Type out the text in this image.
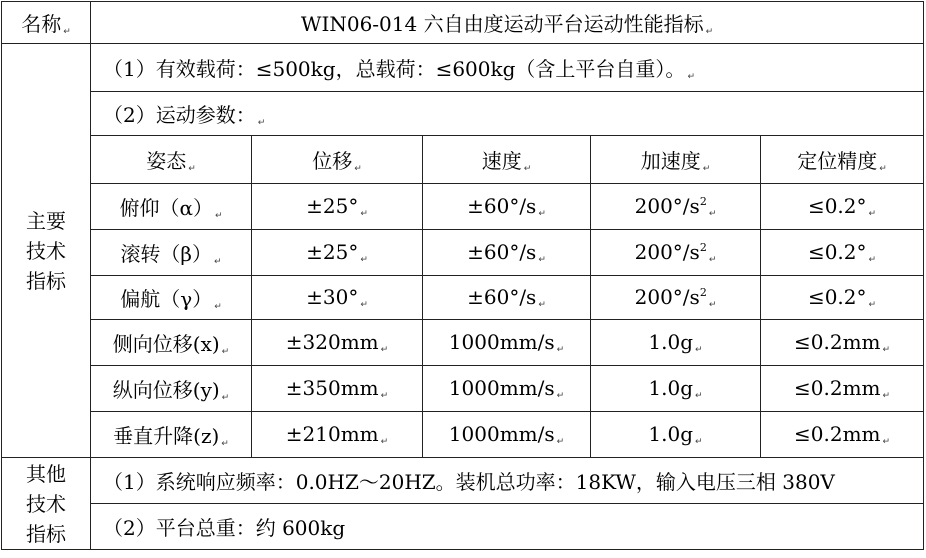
名称 ↵	WIN06-014 六自由度运动平台运动性能指标 ↵				

主要
技术
指标	（1）有效载荷：≤500kg，总载荷：≤600kg（含上平台自重）。 ↵				
	（2）运动参数： ↵				
	姿态 ↵	位移 ↵	速度 ↵	加速度 ↵	定位精度 ↵
	俯仰（α） ↵	±25° ↵	±60°/s ↵	$200^\circ/s^2↵$	≤0.2° ↵
	滚转（β） ↵	±25° ↵	±60°/s ↵	$200^\circ/s^2↵$	≤0.2° ↵
	偏航（γ） ↵	±30° ↵	±60°/s ↵	$200^\circ/s^2↵$	≤0.2° ↵
	侧向位移(x) ↵	±320mm ↵	1000mm/s ↵	1.0g ↵	≤0.2mm ↵
	纵向位移(y) ↵	±350mm ↵	1000mm/s ↵	1.0g ↵	≤0.2mm ↵
	垂直升降(z) ↵	±210mm ↵	1000mm/s ↵	1.0g ↵	≤0.2mm ↵

其他
技术
指标	（1）系统响应频率：0.0HZ～20HZ。装机总功率：18KW，输入电压三相 380V				
	（2）平台总重：约 600kg				
